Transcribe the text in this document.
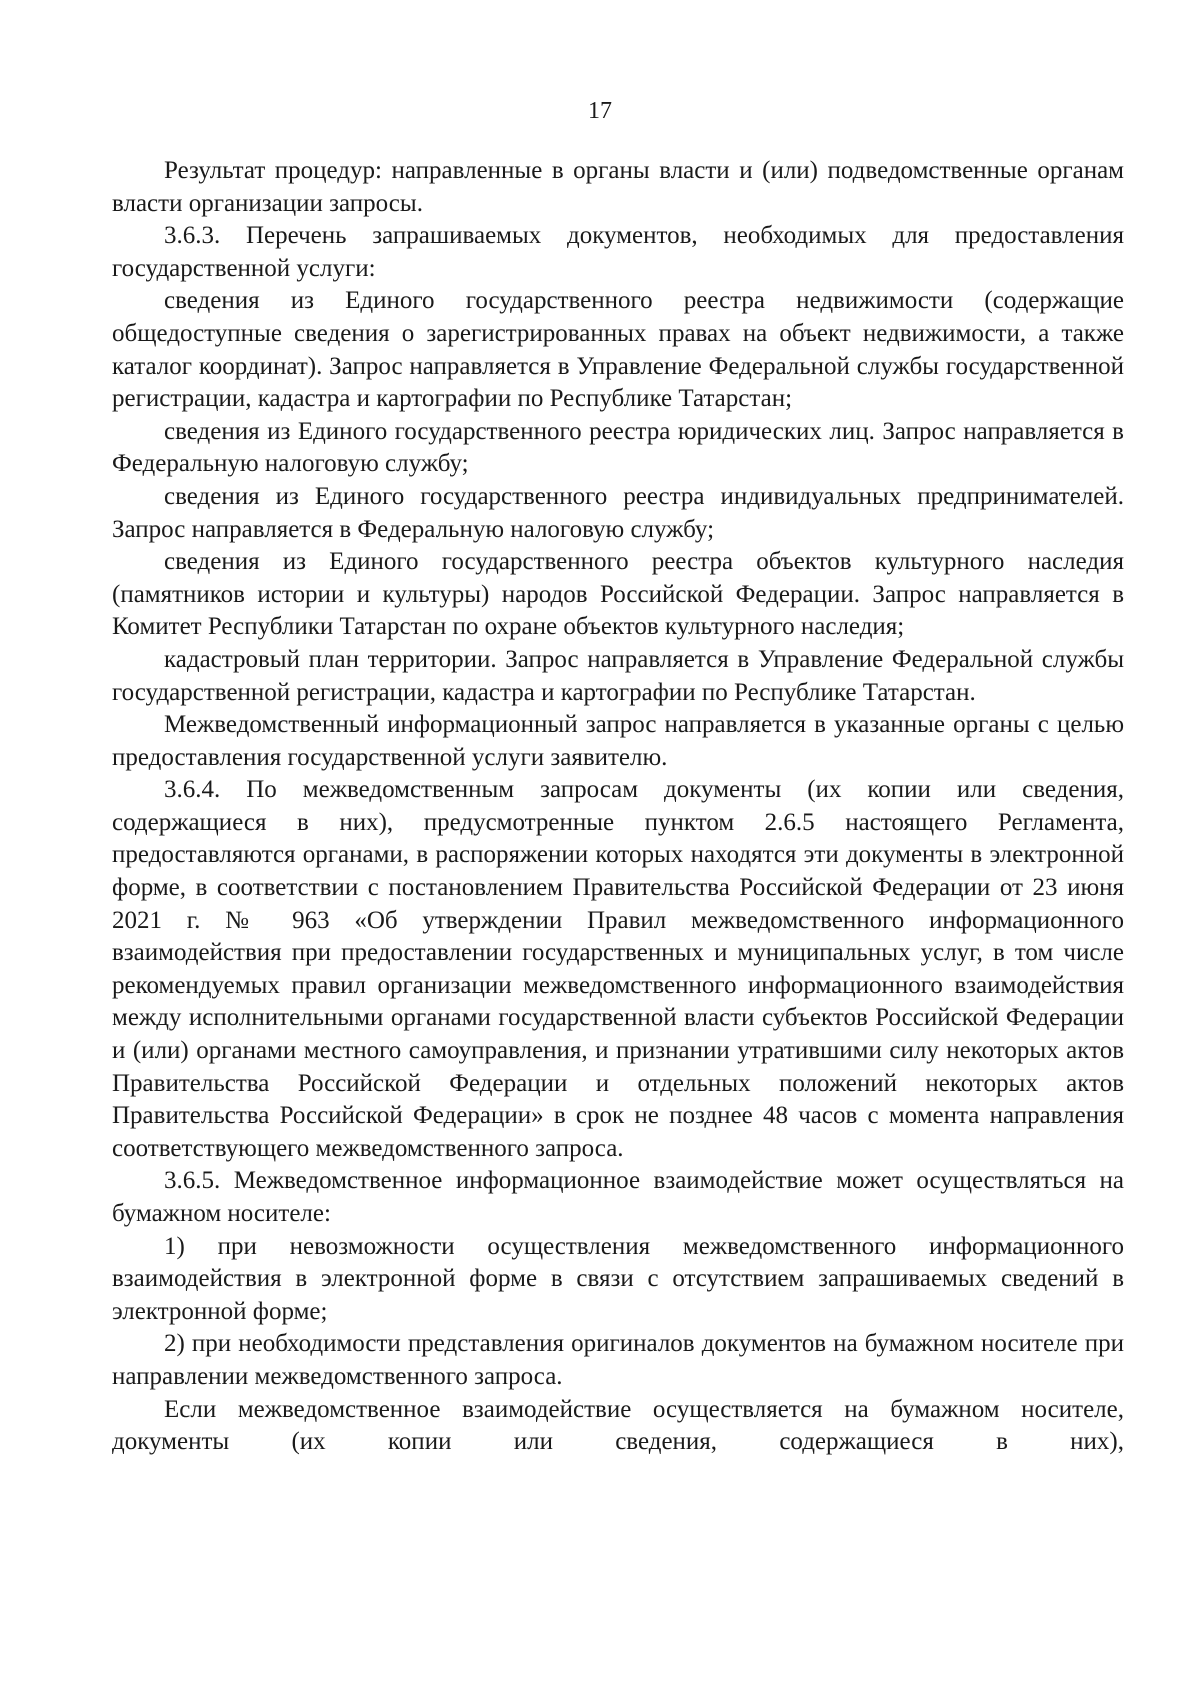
17

Результат процедур: направленные в органы власти и (или) подведомственные органам власти организации запросы.

3.6.3. Перечень запрашиваемых документов, необходимых для предоставления государственной услуги:

сведения из Единого государственного реестра недвижимости (содержащие общедоступные сведения о зарегистрированных правах на объект недвижимости, а также каталог координат). Запрос направляется в Управление Федеральной службы государственной регистрации, кадастра и картографии по Республике Татарстан;

сведения из Единого государственного реестра юридических лиц. Запрос направляется в Федеральную налоговую службу;

сведения из Единого государственного реестра индивидуальных предпринимателей. Запрос направляется в Федеральную налоговую службу;

сведения из Единого государственного реестра объектов культурного наследия (памятников истории и культуры) народов Российской Федерации. Запрос направляется в Комитет Республики Татарстан по охране объектов культурного наследия;

кадастровый план территории. Запрос направляется в Управление Федеральной службы государственной регистрации, кадастра и картографии по Республике Татарстан.

Межведомственный информационный запрос направляется в указанные органы с целью предоставления государственной услуги заявителю.

3.6.4. По межведомственным запросам документы (их копии или сведения, содержащиеся в них), предусмотренные пунктом 2.6.5 настоящего Регламента, предоставляются органами, в распоряжении которых находятся эти документы в электронной форме, в соответствии с постановлением Правительства Российской Федерации от 23 июня 2021 г. № 963 «Об утверждении Правил межведомственного информационного взаимодействия при предоставлении государственных и муниципальных услуг, в том числе рекомендуемых правил организации межведомственного информационного взаимодействия между исполнительными органами государственной власти субъектов Российской Федерации и (или) органами местного самоуправления, и признании утратившими силу некоторых актов Правительства Российской Федерации и отдельных положений некоторых актов Правительства Российской Федерации» в срок не позднее 48 часов с момента направления соответствующего межведомственного запроса.

3.6.5. Межведомственное информационное взаимодействие может осуществляться на бумажном носителе:

1) при невозможности осуществления межведомственного информационного взаимодействия в электронной форме в связи с отсутствием запрашиваемых сведений в электронной форме;

2) при необходимости представления оригиналов документов на бумажном носителе при направлении межведомственного запроса.

Если межведомственное взаимодействие осуществляется на бумажном носителе, документы (их копии или сведения, содержащиеся в них),
